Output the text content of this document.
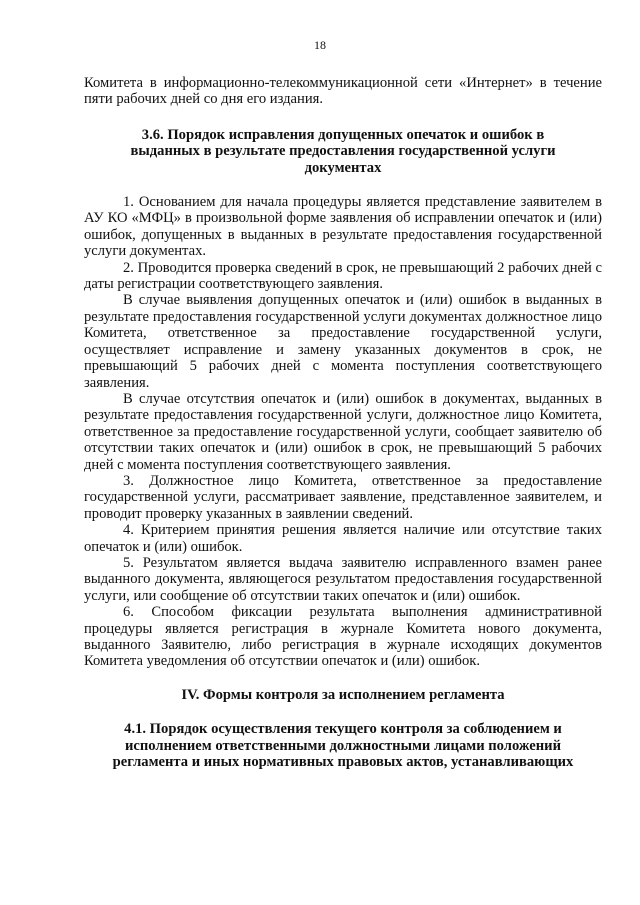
18

Комитета в информационно-телекоммуникационной сети «Интернет» в течение пяти рабочих дней со дня его издания.

3.6. Порядок исправления допущенных опечаток и ошибок в выданных в результате предоставления государственной услуги документах

1. Основанием для начала процедуры является представление заявителем в АУ КО «МФЦ» в произвольной форме заявления об исправлении опечаток и (или) ошибок, допущенных в выданных в результате предоставления государственной услуги документах.

2. Проводится проверка сведений в срок, не превышающий 2 рабочих дней с даты регистрации соответствующего заявления.

В случае выявления допущенных опечаток и (или) ошибок в выданных в результате предоставления государственной услуги документах должностное лицо Комитета, ответственное за предоставление государственной услуги, осуществляет исправление и замену указанных документов в срок, не превышающий 5 рабочих дней с момента поступления соответствующего заявления.

В случае отсутствия опечаток и (или) ошибок в документах, выданных в результате предоставления государственной услуги, должностное лицо Комитета, ответственное за предоставление государственной услуги, сообщает заявителю об отсутствии таких опечаток и (или) ошибок в срок, не превышающий 5 рабочих дней с момента поступления соответствующего заявления.

3. Должностное лицо Комитета, ответственное за предоставление государственной услуги, рассматривает заявление, представленное заявителем, и проводит проверку указанных в заявлении сведений.

4. Критерием принятия решения является наличие или отсутствие таких опечаток и (или) ошибок.

5. Результатом является выдача заявителю исправленного взамен ранее выданного документа, являющегося результатом предоставления государственной услуги, или сообщение об отсутствии таких опечаток и (или) ошибок.

6. Способом фиксации результата выполнения административной процедуры является регистрация в журнале Комитета нового документа, выданного Заявителю, либо регистрация в журнале исходящих документов Комитета уведомления об отсутствии опечаток и (или) ошибок.

IV. Формы контроля за исполнением регламента

4.1. Порядок осуществления текущего контроля за соблюдением и исполнением ответственными должностными лицами положений регламента и иных нормативных правовых актов, устанавливающих
